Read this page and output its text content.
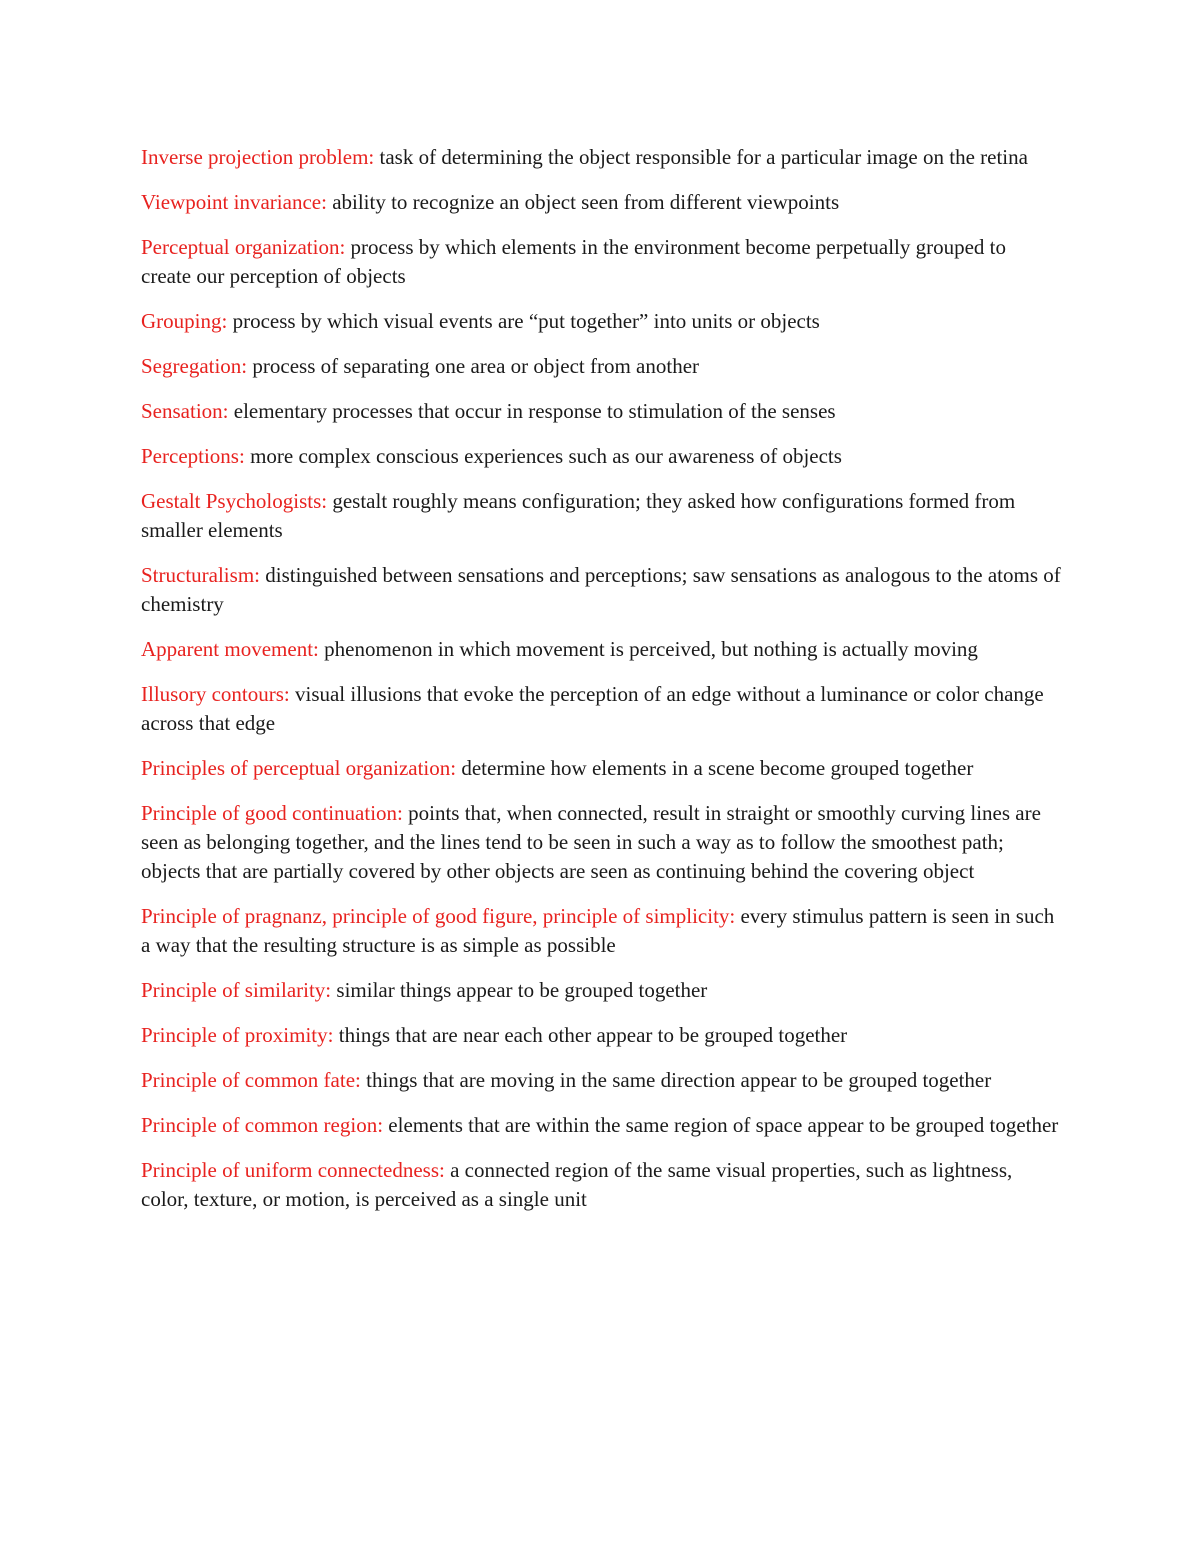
Inverse projection problem: task of determining the object responsible for a particular image on the retina

Viewpoint invariance: ability to recognize an object seen from different viewpoints

Perceptual organization: process by which elements in the environment become perpetually grouped to create our perception of objects

Grouping: process by which visual events are “put together” into units or objects

Segregation: process of separating one area or object from another

Sensation: elementary processes that occur in response to stimulation of the senses

Perceptions: more complex conscious experiences such as our awareness of objects

Gestalt Psychologists: gestalt roughly means configuration; they asked how configurations formed from smaller elements

Structuralism: distinguished between sensations and perceptions; saw sensations as analogous to the atoms of chemistry

Apparent movement: phenomenon in which movement is perceived, but nothing is actually moving

Illusory contours: visual illusions that evoke the perception of an edge without a luminance or color change across that edge

Principles of perceptual organization: determine how elements in a scene become grouped together

Principle of good continuation: points that, when connected, result in straight or smoothly curving lines are seen as belonging together, and the lines tend to be seen in such a way as to follow the smoothest path; objects that are partially covered by other objects are seen as continuing behind the covering object

Principle of pragnanz, principle of good figure, principle of simplicity: every stimulus pattern is seen in such a way that the resulting structure is as simple as possible

Principle of similarity: similar things appear to be grouped together

Principle of proximity: things that are near each other appear to be grouped together

Principle of common fate: things that are moving in the same direction appear to be grouped together

Principle of common region: elements that are within the same region of space appear to be grouped together

Principle of uniform connectedness: a connected region of the same visual properties, such as lightness, color, texture, or motion, is perceived as a single unit
